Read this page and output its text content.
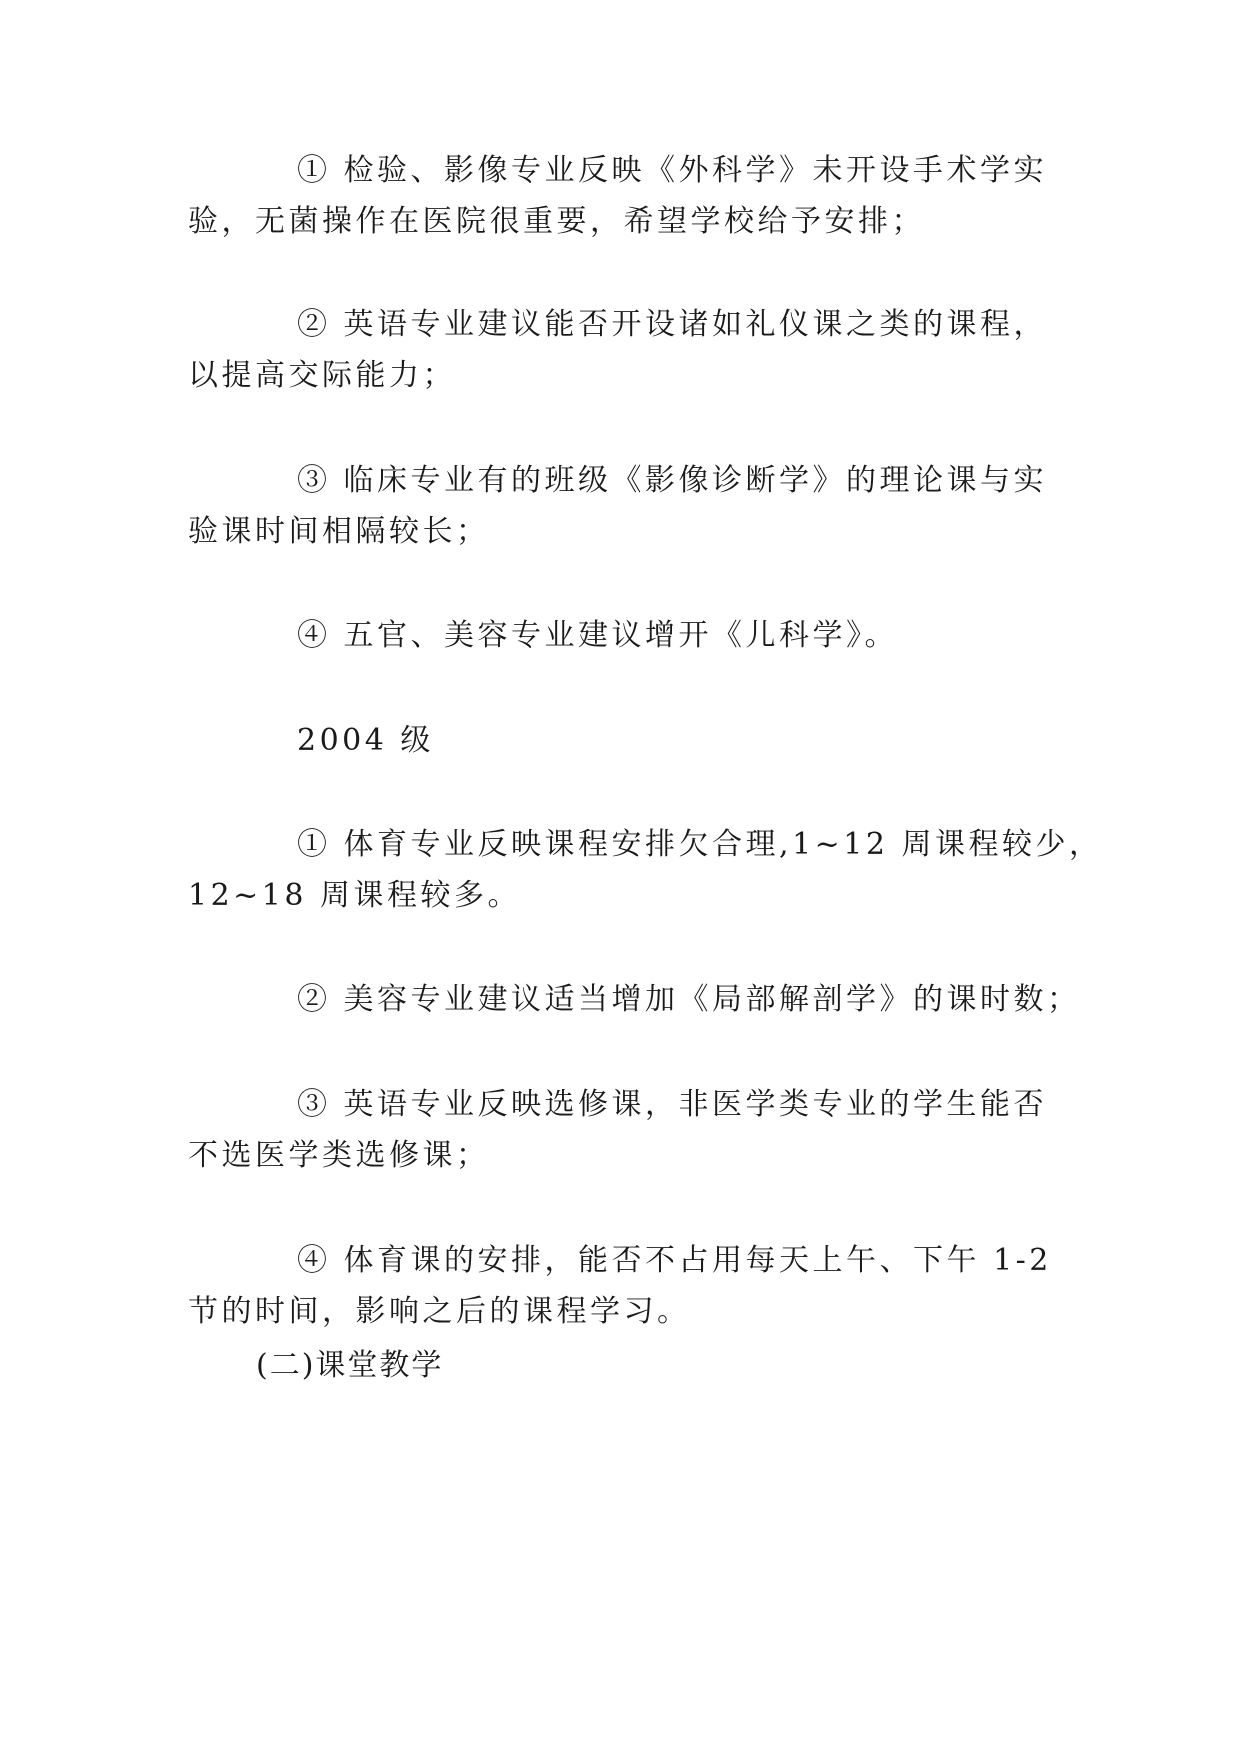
① 检验、影像专业反映《外科学》未开设手术学实
验，无菌操作在医院很重要，希望学校给予安排；
② 英语专业建议能否开设诸如礼仪课之类的课程，
以提高交际能力；
③ 临床专业有的班级《影像诊断学》的理论课与实
验课时间相隔较长；
④ 五官、美容专业建议增开《儿科学》。
2004 级
① 体育专业反映课程安排欠合理,1~12 周课程较少，
12~18 周课程较多。
② 美容专业建议适当增加《局部解剖学》的课时数；
③ 英语专业反映选修课，非医学类专业的学生能否
不选医学类选修课；
④ 体育课的安排，能否不占用每天上午、下午 1-2
节的时间，影响之后的课程学习。
(二)课堂教学
